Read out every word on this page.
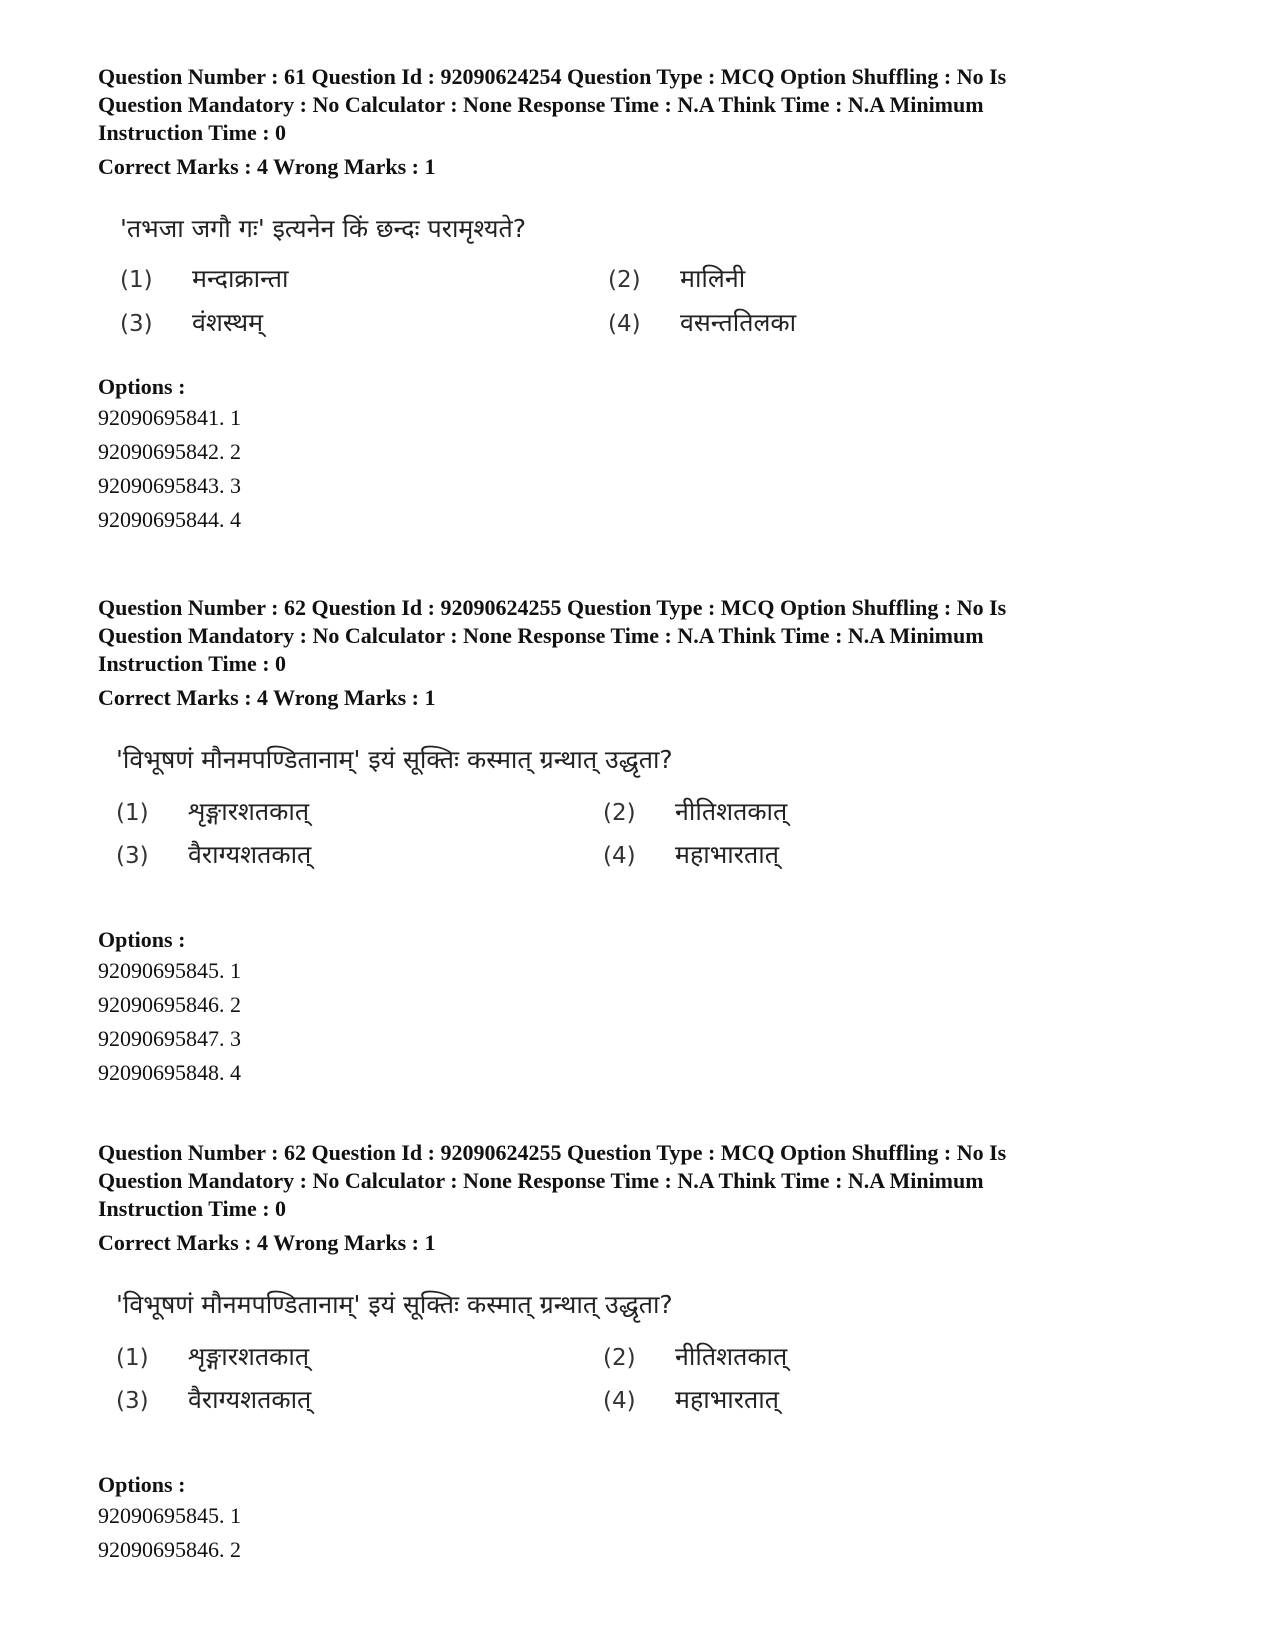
Question Number : 61 Question Id : 92090624254 Question Type : MCQ Option Shuffling : No Is
Question Mandatory : No Calculator : None Response Time : N.A Think Time : N.A Minimum
Instruction Time : 0
Correct Marks : 4 Wrong Marks : 1
'तभजा जगौ गः' इत्यनेन किं छन्दः परामृश्यते?
(1) मन्दाक्रान्ता	(2) मालिनी
(3) वंशस्थम्	(4) वसन्ततिलका
Options :
92090695841. 1
92090695842. 2
92090695843. 3
92090695844. 4
Question Number : 62 Question Id : 92090624255 Question Type : MCQ Option Shuffling : No Is
Question Mandatory : No Calculator : None Response Time : N.A Think Time : N.A Minimum
Instruction Time : 0
Correct Marks : 4 Wrong Marks : 1
'विभूषणं मौनमपण्डितानाम्' इयं सूक्तिः कस्मात् ग्रन्थात् उद्धृता?
(1) शृङ्गारशतकात्	(2) नीतिशतकात्
(3) वैराग्यशतकात्	(4) महाभारतात्
Options :
92090695845. 1
92090695846. 2
92090695847. 3
92090695848. 4
Question Number : 62 Question Id : 92090624255 Question Type : MCQ Option Shuffling : No Is
Question Mandatory : No Calculator : None Response Time : N.A Think Time : N.A Minimum
Instruction Time : 0
Correct Marks : 4 Wrong Marks : 1
'विभूषणं मौनमपण्डितानाम्' इयं सूक्तिः कस्मात् ग्रन्थात् उद्धृता?
(1) शृङ्गारशतकात्	(2) नीतिशतकात्
(3) वैराग्यशतकात्	(4) महाभारतात्
Options :
92090695845. 1
92090695846. 2
